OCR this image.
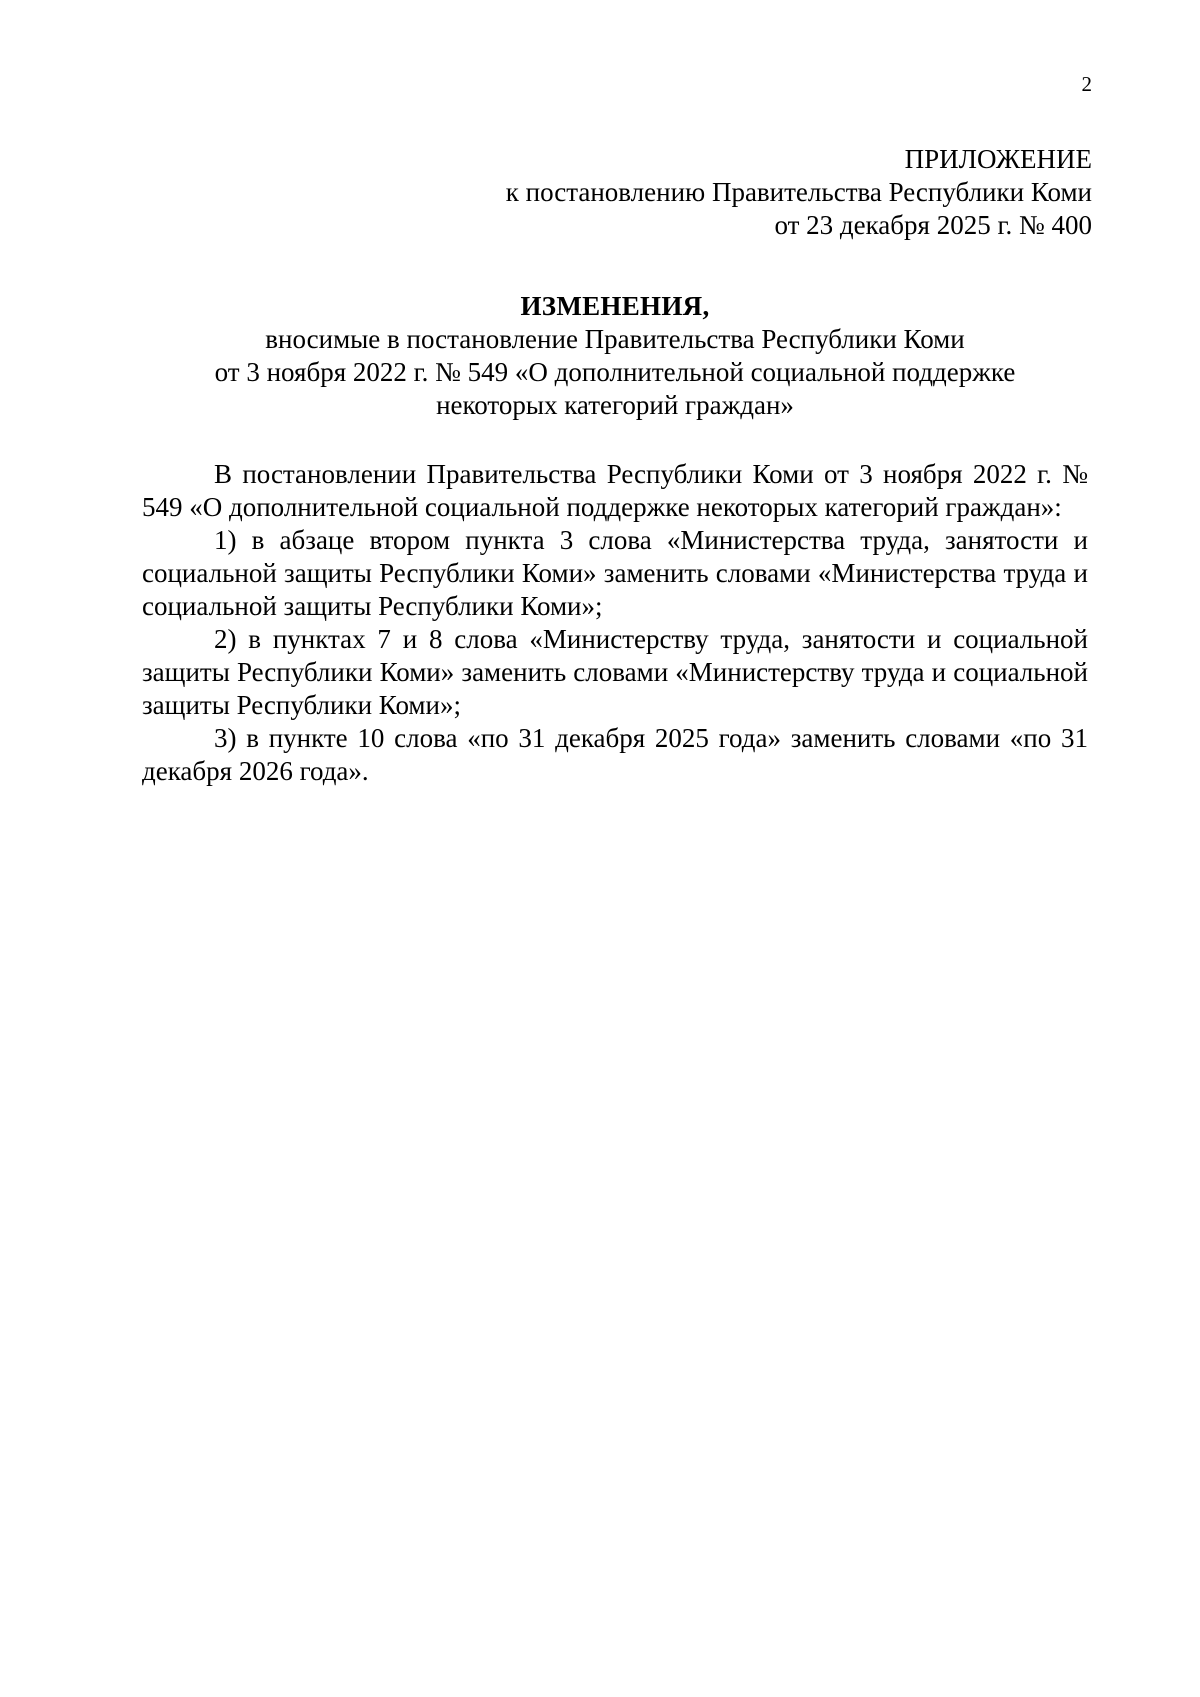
2
ПРИЛОЖЕНИЕ
к постановлению Правительства Республики Коми
от 23 декабря 2025 г. № 400
ИЗМЕНЕНИЯ,
вносимые в постановление Правительства Республики Коми
от 3 ноября 2022 г. № 549 «О дополнительной социальной поддержке
некоторых категорий граждан»

В постановлении Правительства Республики Коми от 3 ноября 2022 г. № 549 «О дополнительной социальной поддержке некоторых категорий граждан»:

1) в абзаце втором пункта 3 слова «Министерства труда, занятости и социальной защиты Республики Коми» заменить словами «Министерства труда и социальной защиты Республики Коми»;

2) в пунктах 7 и 8 слова «Министерству труда, занятости и социальной защиты Республики Коми» заменить словами «Министерству труда и социальной защиты Республики Коми»;

3) в пункте 10 слова «по 31 декабря 2025 года» заменить словами «по 31 декабря 2026 года».
